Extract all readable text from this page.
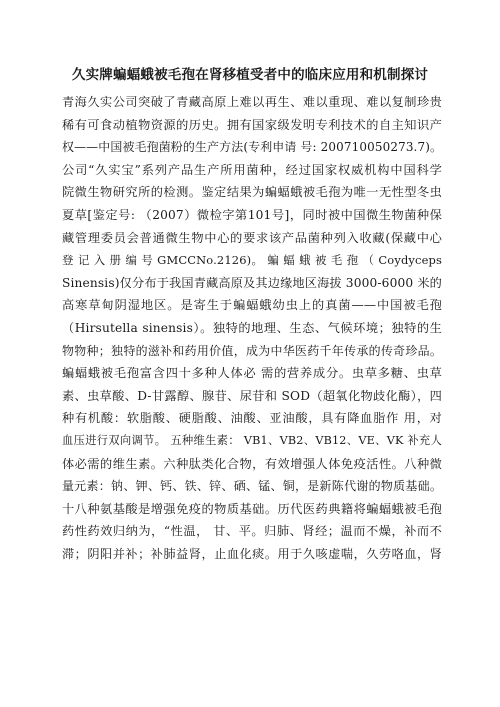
久实牌蝙蝠蛾被毛孢在肾移植受者中的临床应用和机制探讨
青海久实公司突破了青藏高原上难以再生、难以重现、难以复制珍贵
稀有可食动植物资源的历史。拥有国家级发明专利技术的自主知识产
权——中国被毛孢菌粉的生产方法(专利申请 号: 200710050273.7)。
公司“久实宝”系列产品生产所用菌种，经过国家权威机构中国科学
院微生物研究所的检测。鉴定结果为蝙蝠蛾被毛孢为唯一无性型冬虫
夏草[鉴定号: （2007）微检字第101号]，同时被中国微生物菌种保
藏管理委员会普通微生物中心的要求该产品菌种列入收藏(保藏中心
登 记 入 册 编 号 GMCCNo.2126)。 蝙 蝠 蛾 被 毛 孢 （ Coydyceps
Sinensis)仅分布于我国青藏高原及其边缘地区海拔 3000-6000 米的
高寒草甸阴湿地区。是寄生于蝙蝠蛾幼虫上的真菌——中国被毛孢
（Hirsutella sinensis）。独特的地理、生态、气候环境；独特的生
物物种；独特的滋补和药用价值，成为中华医药千年传承的传奇珍品。
蝙蝠蛾被毛孢富含四十多种人体必 需的营养成分。虫草多糖、虫草
素、虫草酸、D-甘露醇、腺苷、尿苷和 SOD（超氧化物歧化酶），四
种有机酸：软脂酸、硬脂酸、油酸、亚油酸，具有降血脂作 用，对
血压进行双向调节。 五种维生素： VB1、VB2、VB12、VE、VK 补充人
体必需的维生素。六种肽类化合物，有效增强人体免疫活性。八种微
量元素：钠、钾、钙、铁、锌、硒、锰、铜，是新陈代谢的物质基础。
十八种氨基酸是增强免疫的物质基础。历代医药典籍将蝙蝠蛾被毛孢
药性药效归纳为，“性温， 甘、平。归肺、肾经；温而不燥，补而不
滞；阴阳并补；补肺益肾，止血化痰。用于久咳虚喘，久劳咯血，肾
